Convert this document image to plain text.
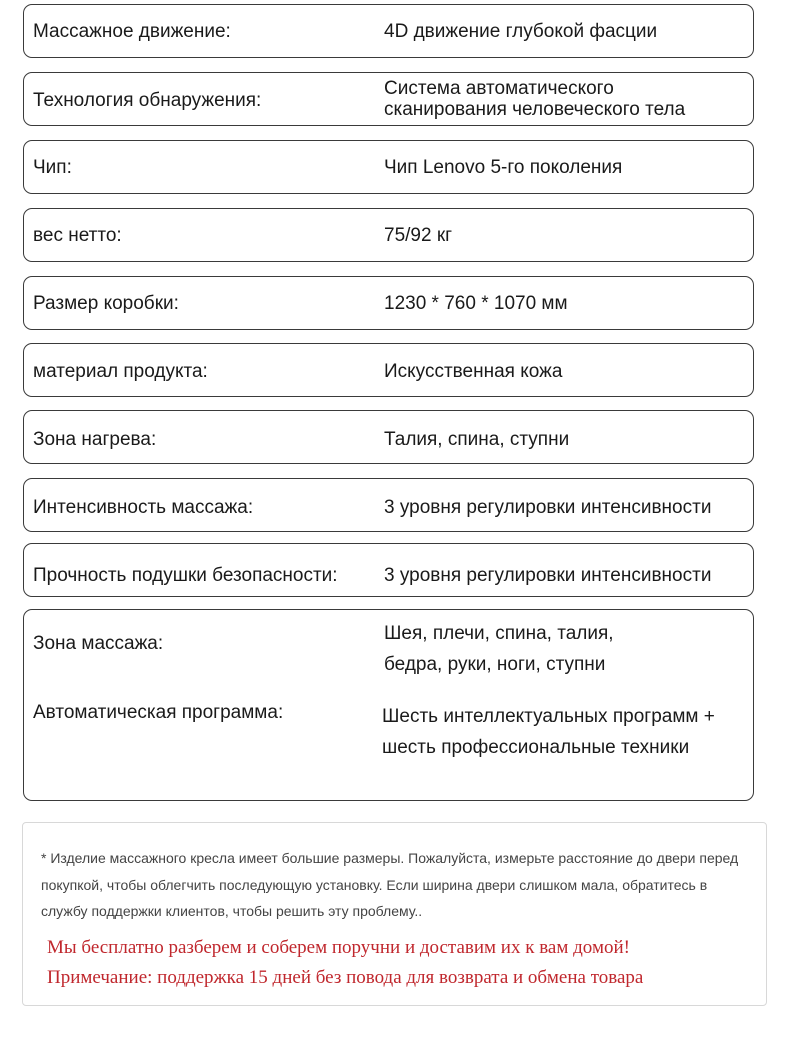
Массажное движение:	4D движение глубокой фасции
Технология обнаружения:
Система автоматического
сканирования человеческого тела
Чип:	Чип Lenovo 5-го поколения
вес нетто:	75/92 кг
Размер коробки:	1230 * 760 * 1070 мм
материал продукта:	Искусственная кожа
Зона нагрева:	Талия, спина, ступни
Интенсивность массажа:	3 уровня регулировки интенсивности
Прочность подушки безопасности: 3 уровня регулировки интенсивности
Зона массажа:	Шея, плечи, спина, талия,
бедра, руки, ноги, ступни
Автоматическая программа:	Шесть интеллектуальных программ +
шесть профессиональные техники

* Изделие массажного кресла имеет большие размеры. Пожалуйста, измерьте расстояние до двери перед покупкой, чтобы облегчить последующую установку. Если ширина двери слишком мала, обратитесь в службу поддержки клиентов, чтобы решить эту проблему..

Мы бесплатно разберем и соберем поручни и доставим их к вам домой!
Примечание: поддержка 15 дней без повода для возврата и обмена товара
